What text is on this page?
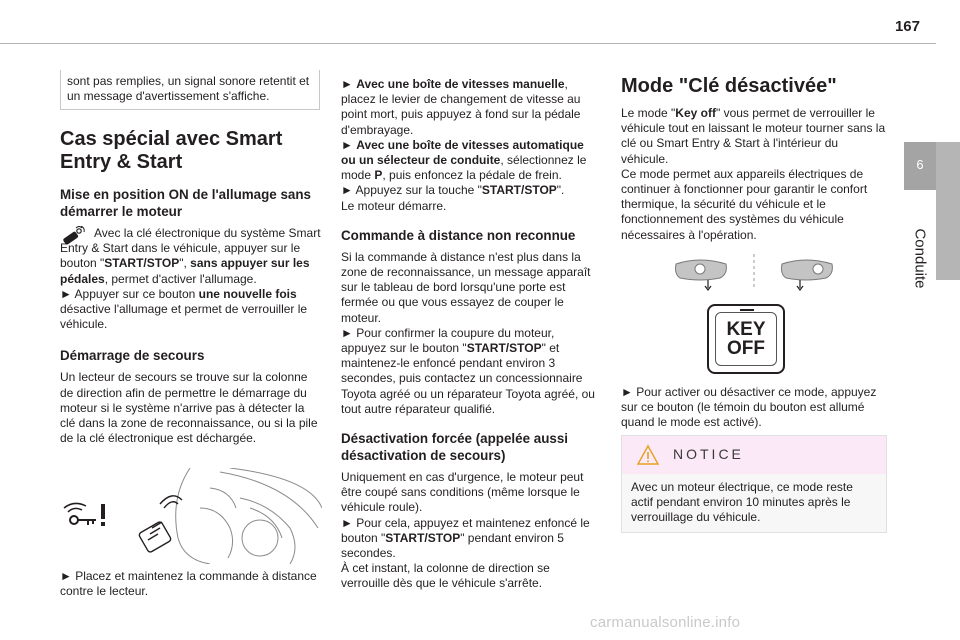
167
6
Conduite
sont pas remplies, un signal sonore retentit et un message d'avertissement s'affiche.
Cas spécial avec Smart Entry & Start
Mise en position ON de l'allumage sans démarrer le moteur

Avec la clé électronique du système Smart Entry & Start dans le véhicule, appuyer sur le bouton "START/STOP", sans appuyer sur les pédales, permet d'activer l'allumage.

► Appuyer sur ce bouton une nouvelle fois désactive l'allumage et permet de verrouiller le véhicule.

Démarrage de secours

Un lecteur de secours se trouve sur la colonne de direction afin de permettre le démarrage du moteur si le système n'arrive pas à détecter la clé dans la zone de reconnaissance, ou si la pile de la clé électronique est déchargée.

► Placez et maintenez la commande à distance contre le lecteur.

► Avec une boîte de vitesses manuelle, placez le levier de changement de vitesse au point mort, puis appuyez à fond sur la pédale d'embrayage.

► Avec une boîte de vitesses automatique ou un sélecteur de conduite, sélectionnez le mode P, puis enfoncez la pédale de frein.

► Appuyez sur la touche "START/STOP".

Le moteur démarre.

Commande à distance non reconnue

Si la commande à distance n'est plus dans la zone de reconnaissance, un message apparaît sur le tableau de bord lorsqu'une porte est fermée ou que vous essayez de couper le moteur.

► Pour confirmer la coupure du moteur, appuyez sur le bouton "START/STOP" et maintenez-le enfoncé pendant environ 3 secondes, puis contactez un concessionnaire Toyota agréé ou un réparateur Toyota agréé, ou tout autre réparateur qualifié.

Désactivation forcée (appelée aussi désactivation de secours)

Uniquement en cas d'urgence, le moteur peut être coupé sans conditions (même lorsque le véhicule roule).

► Pour cela, appuyez et maintenez enfoncé le bouton "START/STOP" pendant environ 5 secondes.

À cet instant, la colonne de direction se verrouille dès que le véhicule s'arrête.

Mode "Clé désactivée"

Le mode "Key off" vous permet de verrouiller le véhicule tout en laissant le moteur tourner sans la clé ou Smart Entry & Start à l'intérieur du véhicule.

Ce mode permet aux appareils électriques de continuer à fonctionner pour garantir le confort thermique, la sécurité du véhicule et le fonctionnement des systèmes du véhicule nécessaires à l'opération.

KEY
OFF

► Pour activer ou désactiver ce mode, appuyez sur ce bouton (le témoin du bouton est allumé quand le mode est activé).

NOTICE
Avec un moteur électrique, ce mode reste actif pendant environ 10 minutes après le verrouillage du véhicule.
carmanualsonline.info
